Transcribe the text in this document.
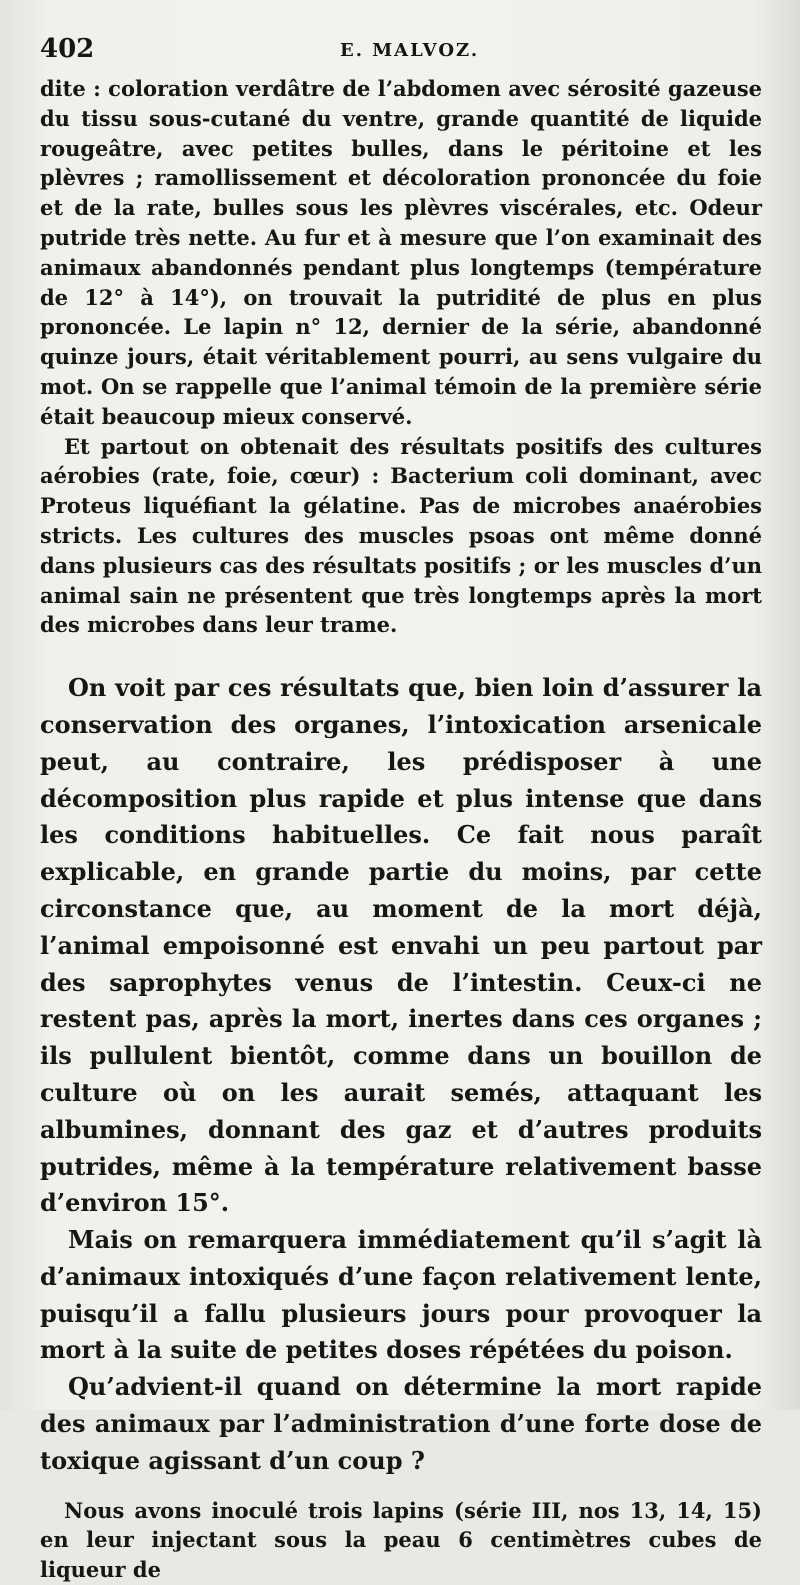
402	E. MALVOZ.

dite : coloration verdâtre de l’abdomen avec sérosité gazeuse du tissu sous-cutané du ventre, grande quantité de liquide rougeâtre, avec petites bulles, dans le péritoine et les plèvres ; ramollissement et décoloration prononcée du foie et de la rate, bulles sous les plèvres viscérales, etc. Odeur putride très nette. Au fur et à mesure que l’on examinait des animaux abandonnés pendant plus longtemps (température de 12° à 14°), on trouvait la putridité de plus en plus prononcée. Le lapin n° 12, dernier de la série, abandonné quinze jours, était véritablement pourri, au sens vulgaire du mot. On se rappelle que l’animal témoin de la première série était beaucoup mieux conservé.

Et partout on obtenait des résultats positifs des cultures aérobies (rate, foie, cœur) : Bacterium coli dominant, avec Proteus liquéfiant la gélatine. Pas de microbes anaérobies stricts. Les cultures des muscles psoas ont même donné dans plusieurs cas des résultats positifs ; or les muscles d’un animal sain ne présentent que très longtemps après la mort des microbes dans leur trame.

On voit par ces résultats que, bien loin d’assurer la conservation des organes, l’intoxication arsenicale peut, au contraire, les prédisposer à une décomposition plus rapide et plus intense que dans les conditions habituelles. Ce fait nous paraît explicable, en grande partie du moins, par cette circonstance que, au moment de la mort déjà, l’animal empoisonné est envahi un peu partout par des saprophytes venus de l’intestin. Ceux-ci ne restent pas, après la mort, inertes dans ces organes ; ils pullulent bientôt, comme dans un bouillon de culture où on les aurait semés, attaquant les albumines, donnant des gaz et d’autres produits putrides, même à la température relativement basse d’environ 15°.

Mais on remarquera immédiatement qu’il s’agit là d’animaux intoxiqués d’une façon relativement lente, puisqu’il a fallu plusieurs jours pour provoquer la mort à la suite de petites doses répétées du poison.

Qu’advient-il quand on détermine la mort rapide des animaux par l’administration d’une forte dose de toxique agissant d’un coup ?

Nous avons inoculé trois lapins (série III, nos 13, 14, 15) en leur injectant sous la peau 6 centimètres cubes de liqueur de
